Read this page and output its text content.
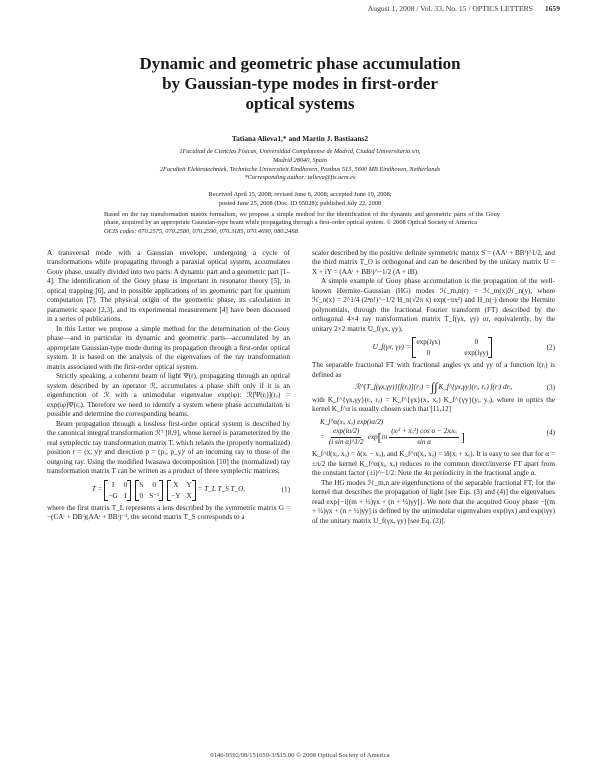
August 1, 2008 / Vol. 33, No. 15 / OPTICS LETTERS 1659
Dynamic and geometric phase accumulation
by Gaussian-type modes in first-order
optical systems
Tatiana Alieva1,* and Martin J. Bastiaans2
1Facultad de Ciencias Físicas, Universidad Complutense de Madrid, Ciudad Universitaria s/n,
Madrid 28040, Spain
2Faculteit Elektrotechniek, Technische Universiteit Eindhoven, Postbus 513, 5600 MB Eindhoven, Netherlands
*Corresponding author: talieva@fis.ucm.es
Received April 15, 2008; revised June 6, 2008; accepted June 19, 2008;
posted June 25, 2008 (Doc. ID 95028); published July 22, 2008
Based on the ray transformation matrix formalism, we propose a simple method for the identification of the dynamic and geometric parts of the Gouy phase, acquired by an appropriate Gaussian-type beam while propagating through a first-order optical system. © 2008 Optical Society of America
OCIS codes: 070.2575, 070.2580, 070.2590, 070.3185, 070.4690, 080.2468.

A transversal mode with a Gaussian envelope, undergoing a cycle of transformations while propagating through a paraxial optical system, accumulates Gouy phase, usually divided into two parts: A dynamic part and a geometric part [1–4]. The identification of the Gouy phase is important in resonator theory [5], in optical trapping [6], and in possible applications of its geometric part for quantum computation [7]. The physical origin of the geometric phase, its calculation in parametric space [2,3], and its experimental measurement [4] have been discussed in a series of publications.

In this Letter we propose a simple method for the determination of the Gouy phase—and in particular its dynamic and geometric parts—accumulated by an appropriate Gaussian-type mode during its propagation through a first-order optical system. It is based on the analysis of the eigenvalues of the ray transformation matrix associated with the first-order optical system.

Strictly speaking, a coherent beam of light Ψ(r), propagating through an optical system described by an operator ℛ, accumulates a phase shift only if it is an eigenfunction of ℛ with a unimodular eigenvalue exp(iφ): ℛ[Ψ(rᵢ)](rₒ) = exp(iφ)Ψ(rₒ). Therefore we need to identify a system where phase accumulation is possible and determine the corresponding beams.

Beam propagation through a lossless first-order optical system is described by the canonical integral transformation ℛᵀ [8,9], whose kernel is parameterized by the real symplectic ray transformation matrix T, which relates the (properly normalized) position r = (x, y)ᵗ and direction p = (pₓ, p_y)ᵗ of an incoming ray to those of the outgoing ray. Using the modified Iwasawa decomposition [10] the (normalized) ray transformation matrix T can be written as a product of three symplectic matrices,

T =
I	0
−G I
S	0
0 S⁻¹
X Y
−Y X
= T_L T_S T_O,	(1)

where the first matrix T_L represents a lens described by the symmetric matrix G = −(CAᵗ + DBᵗ)(AAᵗ + BBᵗ)⁻¹, the second matrix T_S corresponds to a

scaler described by the positive definite symmetric matrix S = (AAᵗ + BBᵗ)^1/2, and the third matrix T_O is orthogonal and can be described by the unitary matrix U = X + iY = (AAᵗ + BBᵗ)^−1/2 (A + iB).

A simple example of Gouy phase accumulation is the propagation of the well-known Hermite–Gaussian (HG) modes ℋ_m,n(r) = ℋ_m(x)ℋ_n(y), where ℋ_n(x) = 2^1/4 (2ⁿn!)^−1/2 H_n(√2π x) exp(−πx²) and H_n(·) denote the Hermite polynomials, through the fractional Fourier transform (FT) described by the orthogonal 4×4 ray transformation matrix T_f(γx, γy) or, equivalently, by the unitary 2×2 matrix U_f(γx, γy),

U_f(γx, γy) =
exp(iγx)	0
0	exp(iγy)
(2)

The separable fractional FT with fractional angles γx and γy of a function f(rᵢ) is defined as

ℛ^{T_f(γx,γy)}[f(rᵢ)](rₒ) = ∫∫ K_f^{γx,γy}(rᵢ, rₒ) f(rᵢ) drᵢ,	(3)

with K_f^{γx,γy}(rᵢ, rₒ) = K_f^{γx}(xᵢ, xₒ) K_f^{γy}(yᵢ, yₒ), where in optics the kernel K_f^α is usually chosen such that [11,12]

K_f^α(xᵢ, xₒ) exp(iα/2)
= $\frac{\exp(i\alpha/2)}{\text{(i sin α)\textasciicircum{}1/2}}$ exp [ iπ $\frac{\text{(xᵢ² + xₒ²) cos α − 2xᵢxₒ}}{\text{sin α}}$ ]	(4)

K_f^0(xᵢ, xₒ) = δ(xᵢ − xₒ), and K_f^π(xᵢ, xₒ) = iδ(xᵢ + xₒ). It is easy to see that for α = ±π/2 the kernel K_f^α(xᵢ, xₒ) reduces to the common direct/inverse FT apart from the constant factor (±i)^−1/2. Note the 4π periodicity in the fractional angle α.

The HG modes ℋ_m,n are eigenfunctions of the separable fractional FT; for the kernel that describes the propagation of light [see Eqs. (3) and (4)] the eigenvalues read exp{−i[(m + ½)γx + (n + ½)γy]}. We note that the acquired Gouy phase −[(m + ½)γx + (n + ½)γy] is defined by the unimodular eigenvalues exp(iγx) and exp(iγy) of the unitary matrix U_f(γx, γy) [see Eq. (2)].

0146-9592/08/151659-3/$15.00 © 2008 Optical Society of America
